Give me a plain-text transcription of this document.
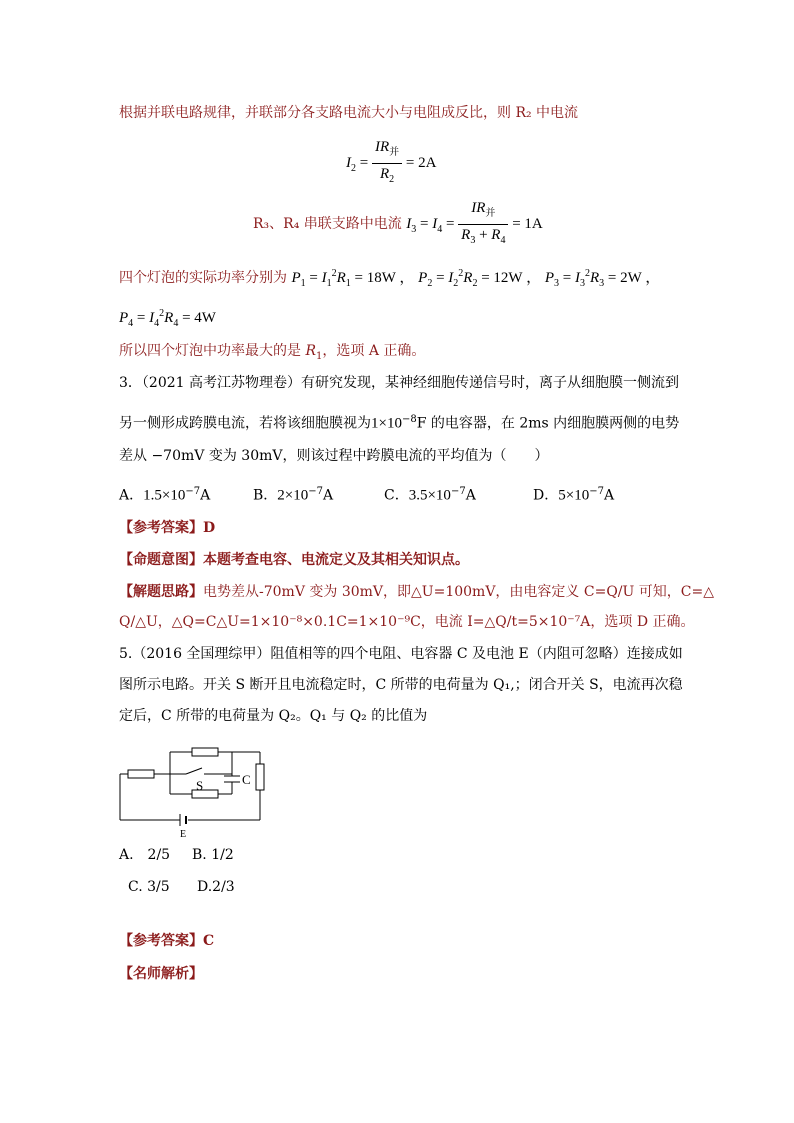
根据并联电路规律，并联部分各支路电流大小与电阻成反比，则 R₂ 中电流
$I_2 = \frac{IR_并}{R_2} = 2A$
R₃、R₄ 串联支路中电流 $I_3 = I_4 = \frac{IR_并}{R_3 + R_4} = 1A$
四个灯泡的实际功率分别为 $P_1 = I_1^2R_1 = 18W$ ， $P_2 = I_2^2R_2 = 12W$ ， $P_3 = I_3^2R_3 = 2W$ ，
$P_4 = I_4^2R_4 = 4W$
所以四个灯泡中功率最大的是 $R_1$，选项 A 正确。
3．（2021 高考江苏物理卷）有研究发现，某神经细胞传递信号时，离子从细胞膜一侧流到
另一侧形成跨膜电流，若将该细胞膜视为$1\times 10^{-8}F$ 的电容器，在 2ms 内细胞膜两侧的电势
差从 −70mV 变为 30mV，则该过程中跨膜电流的平均值为（　　）
A．$1.5\times 10^{-7}A$	B．$2\times 10^{-7}A$	C．$3.5\times 10^{-7}A$	D．$5\times 10^{-7}A$
【参考答案】D
【命题意图】本题考查电容、电流定义及其相关知识点。
【解题思路】电势差从-70mV 变为 30mV，即△U=100mV，由电容定义 C=Q/U 可知，C=△
Q/△U，△Q=C△U=1×10⁻⁸×0.1C=1×10⁻⁹C，电流 I=△Q/t=5×10⁻⁷A，选项 D 正确。
5.（2016 全国理综甲）阻值相等的四个电阻、电容器 C 及电池 E（内阻可忽略）连接成如
图所示电路。开关 S 断开且电流稳定时，C 所带的电荷量为 Q₁,；闭合开关 S，电流再次稳
定后，C 所带的电荷量为 Q₂。Q₁ 与 Q₂ 的比值为
S	C
E
A.　2/5 B. 1/2
C. 3/5 D.2/3
【参考答案】C
【名师解析】
